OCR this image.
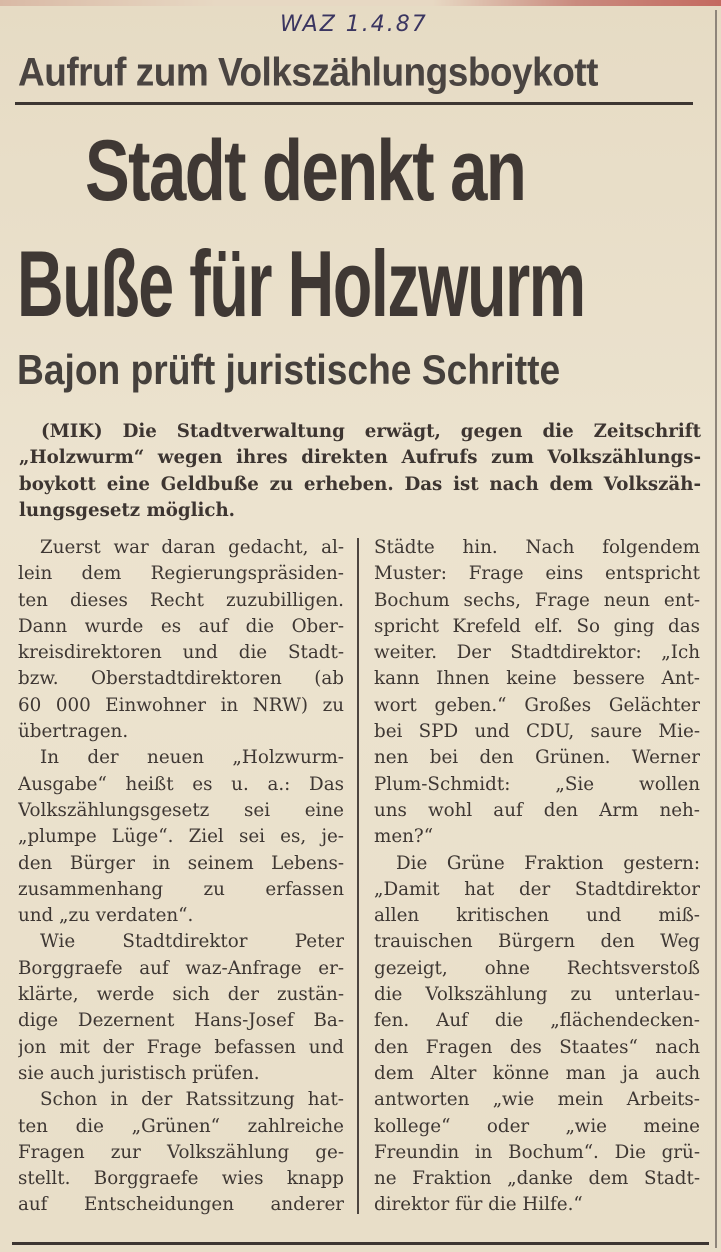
WAZ 1.4.87
Aufruf zum Volkszählungsboykott
Stadt denkt an
Buße für Holzwurm
Bajon prüft juristische Schritte
(MIK) Die Stadtverwaltung erwägt, gegen die Zeitschrift
„Holzwurm“ wegen ihres direkten Aufrufs zum Volkszählungs-
boykott eine Geldbuße zu erheben. Das ist nach dem Volkszäh-
lungsgesetz möglich.
Zuerst war daran gedacht, al-
lein dem Regierungspräsiden-
ten dieses Recht zuzubilligen.
Dann wurde es auf die Ober-
kreisdirektoren und die Stadt-
bzw. Oberstadtdirektoren (ab
60 000 Einwohner in NRW) zu
übertragen.
In der neuen „Holzwurm-
Ausgabe“ heißt es u. a.: Das
Volkszählungsgesetz sei eine
„plumpe Lüge“. Ziel sei es, je-
den Bürger in seinem Lebens-
zusammenhang zu erfassen
und „zu verdaten“.
Wie Stadtdirektor Peter
Borggraefe auf waz-Anfrage er-
klärte, werde sich der zustän-
dige Dezernent Hans-Josef Ba-
jon mit der Frage befassen und
sie auch juristisch prüfen.
Schon in der Ratssitzung hat-
ten die „Grünen“ zahlreiche
Fragen zur Volkszählung ge-
stellt. Borggraefe wies knapp
auf Entscheidungen anderer
Städte hin. Nach folgendem
Muster: Frage eins entspricht
Bochum sechs, Frage neun ent-
spricht Krefeld elf. So ging das
weiter. Der Stadtdirektor: „Ich
kann Ihnen keine bessere Ant-
wort geben.“ Großes Gelächter
bei SPD und CDU, saure Mie-
nen bei den Grünen. Werner
Plum-Schmidt: „Sie wollen
uns wohl auf den Arm neh-
men?“
Die Grüne Fraktion gestern:
„Damit hat der Stadtdirektor
allen kritischen und miß-
trauischen Bürgern den Weg
gezeigt, ohne Rechtsverstoß
die Volkszählung zu unterlau-
fen. Auf die „flächendecken-
den Fragen des Staates“ nach
dem Alter könne man ja auch
antworten „wie mein Arbeits-
kollege“ oder „wie meine
Freundin in Bochum“. Die grü-
ne Fraktion „danke dem Stadt-
direktor für die Hilfe.“
